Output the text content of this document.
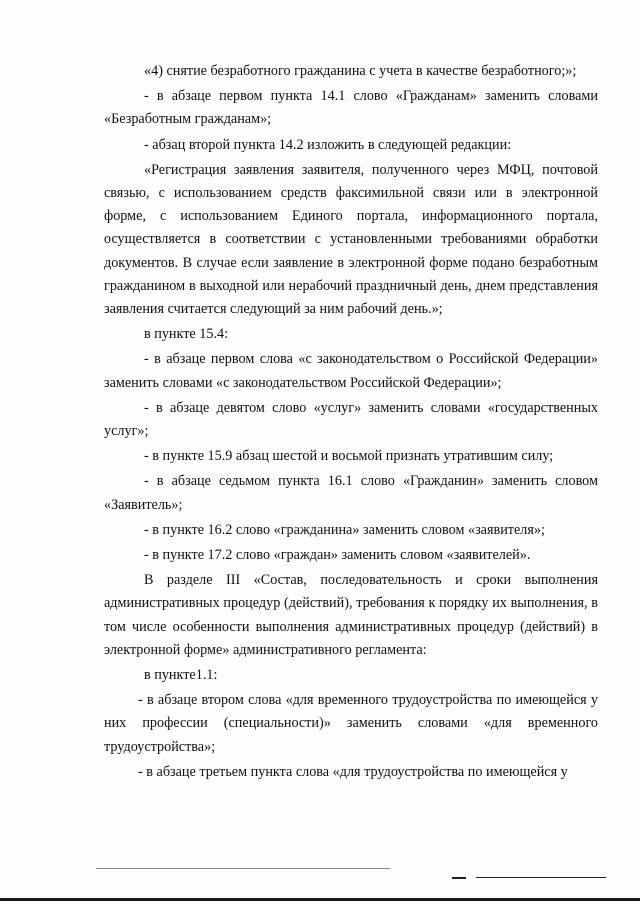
«4) снятие безработного гражданина с учета в качестве безработного;»;

- в абзаце первом пункта 14.1 слово «Гражданам» заменить словами «Безработным гражданам»;

- абзац второй пункта 14.2 изложить в следующей редакции:

«Регистрация заявления заявителя, полученного через МФЦ, почтовой связью, с использованием средств факсимильной связи или в электронной форме, с использованием Единого портала, информационного портала, осуществляется в соответствии с установленными требованиями обработки документов. В случае если заявление в электронной форме подано безработным гражданином в выходной или нерабочий праздничный день, днем представления заявления считается следующий за ним рабочий день.»;

в пункте 15.4:

- в абзаце первом слова «с законодательством о Российской Федерации» заменить словами «с законодательством Российской Федерации»;

- в абзаце девятом слово «услуг» заменить словами «государственных услуг»;

- в пункте 15.9 абзац шестой и восьмой признать утратившим силу;

- в абзаце седьмом пункта 16.1 слово «Гражданин» заменить словом «Заявитель»;

- в пункте 16.2 слово «гражданина» заменить словом «заявителя»;

- в пункте 17.2 слово «граждан» заменить словом «заявителей».

В разделе III «Состав, последовательность и сроки выполнения административных процедур (действий), требования к порядку их выполнения, в том числе особенности выполнения административных процедур (действий) в электронной форме» административного регламента:

в пункте1.1:

- в абзаце втором слова «для временного трудоустройства по имеющейся у них профессии (специальности)» заменить словами «для временного трудоустройства»;

- в абзаце третьем пункта слова «для трудоустройства по имеющейся у
